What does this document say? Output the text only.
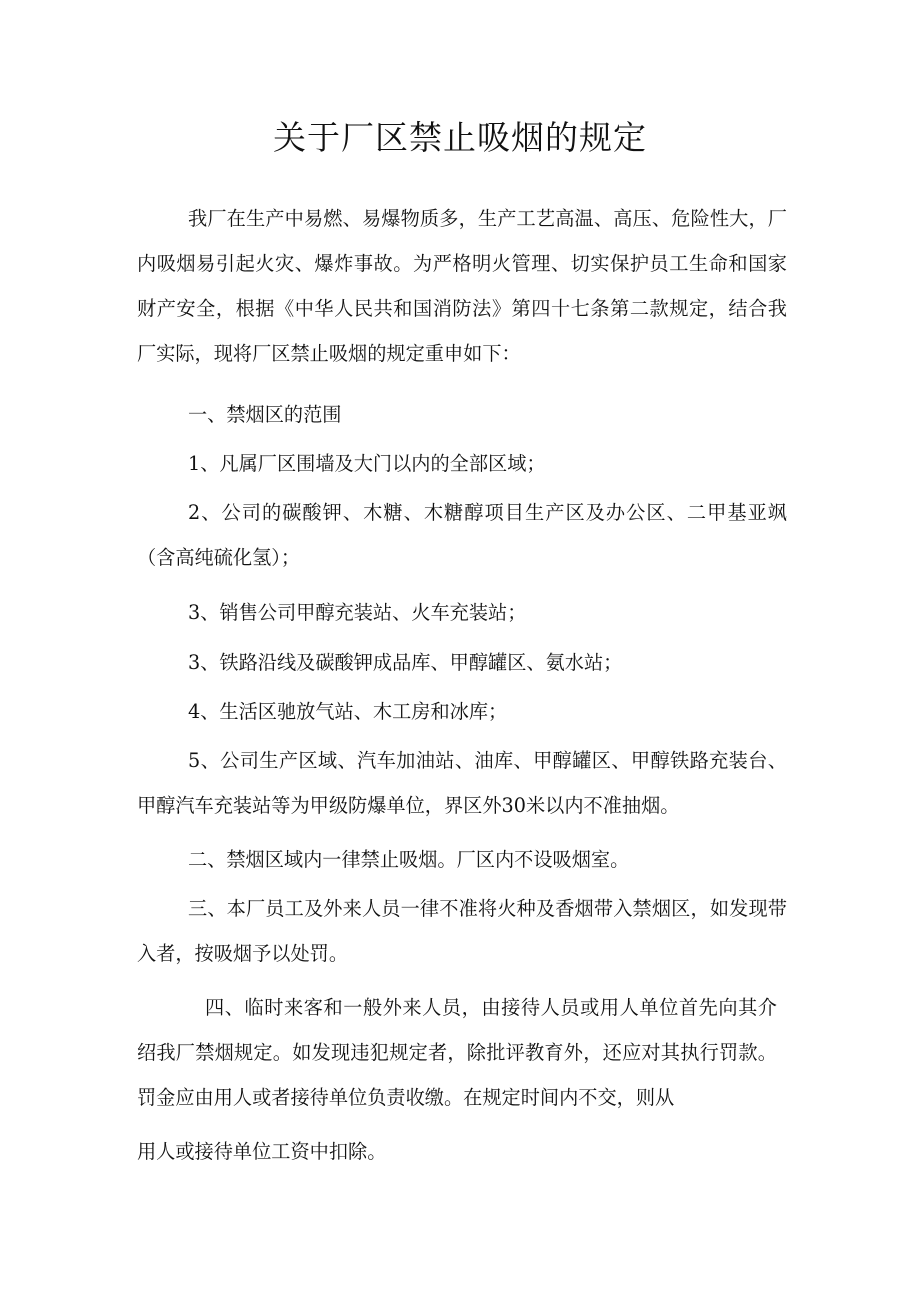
关于厂区禁止吸烟的规定

我厂在生产中易燃、易爆物质多，生产工艺高温、高压、危险性大，厂内吸烟易引起火灾、爆炸事故。为严格明火管理、切实保护员工生命和国家财产安全，根据《中华人民共和国消防法》第四十七条第二款规定，结合我厂实际，现将厂区禁止吸烟的规定重申如下：

一、禁烟区的范围

1、凡属厂区围墙及大门以内的全部区域；

2、公司的碳酸钾、木糖、木糖醇项目生产区及办公区、二甲基亚飒（含高纯硫化氢）；

3、销售公司甲醇充装站、火车充装站；

3、铁路沿线及碳酸钾成品库、甲醇罐区、氨水站；

4、生活区驰放气站、木工房和冰库；

5、公司生产区域、汽车加油站、油库、甲醇罐区、甲醇铁路充装台、甲醇汽车充装站等为甲级防爆单位，界区外30米以内不准抽烟。

二、禁烟区域内一律禁止吸烟。厂区内不设吸烟室。

三、本厂员工及外来人员一律不准将火种及香烟带入禁烟区，如发现带入者，按吸烟予以处罚。

四、临时来客和一般外来人员，由接待人员或用人单位首先向其介绍我厂禁烟规定。如发现违犯规定者，除批评教育外，还应对其执行罚款。罚金应由用人或者接待单位负责收缴。在规定时间内不交，则从

用人或接待单位工资中扣除。
